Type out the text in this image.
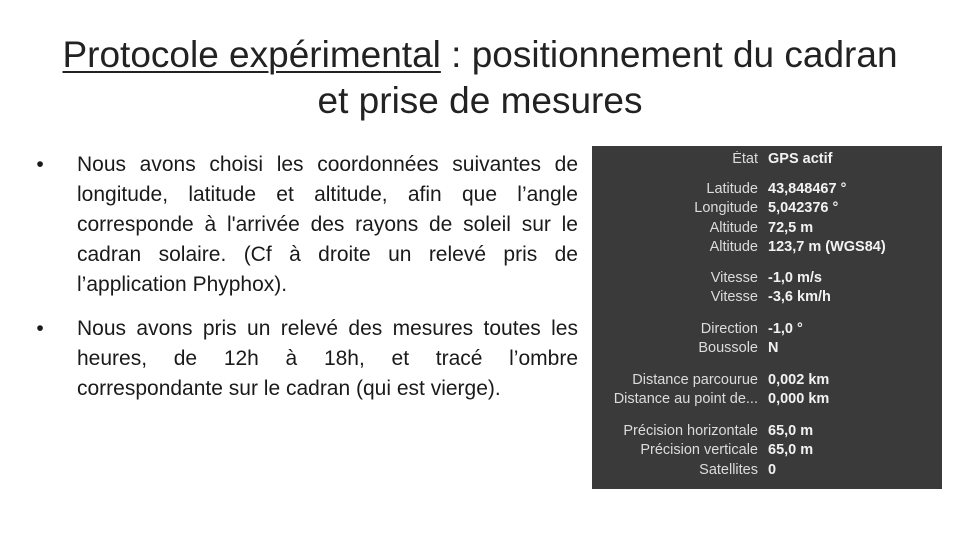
Protocole expérimental : positionnement du cadran et prise de mesures
•	Nous avons choisi les coordonnées suivantes de longitude, latitude et altitude, afin que l’angle corresponde à l'arrivée des rayons de soleil sur le cadran solaire. (Cf à droite un relevé pris de l’application Phyphox).
•	Nous avons pris un relevé des mesures toutes les heures, de 12h à 18h, et tracé l’ombre correspondante sur le cadran (qui est vierge).
État GPS actif
Latitude 43,848467 °
Longitude 5,042376 °
Altitude 72,5 m
Altitude 123,7 m (WGS84)
Vitesse -1,0 m/s
Vitesse -3,6 km/h
Direction -1,0 °
Boussole N
Distance parcourue 0,002 km
Distance au point de... 0,000 km
Précision horizontale 65,0 m
Précision verticale 65,0 m
Satellites 0
